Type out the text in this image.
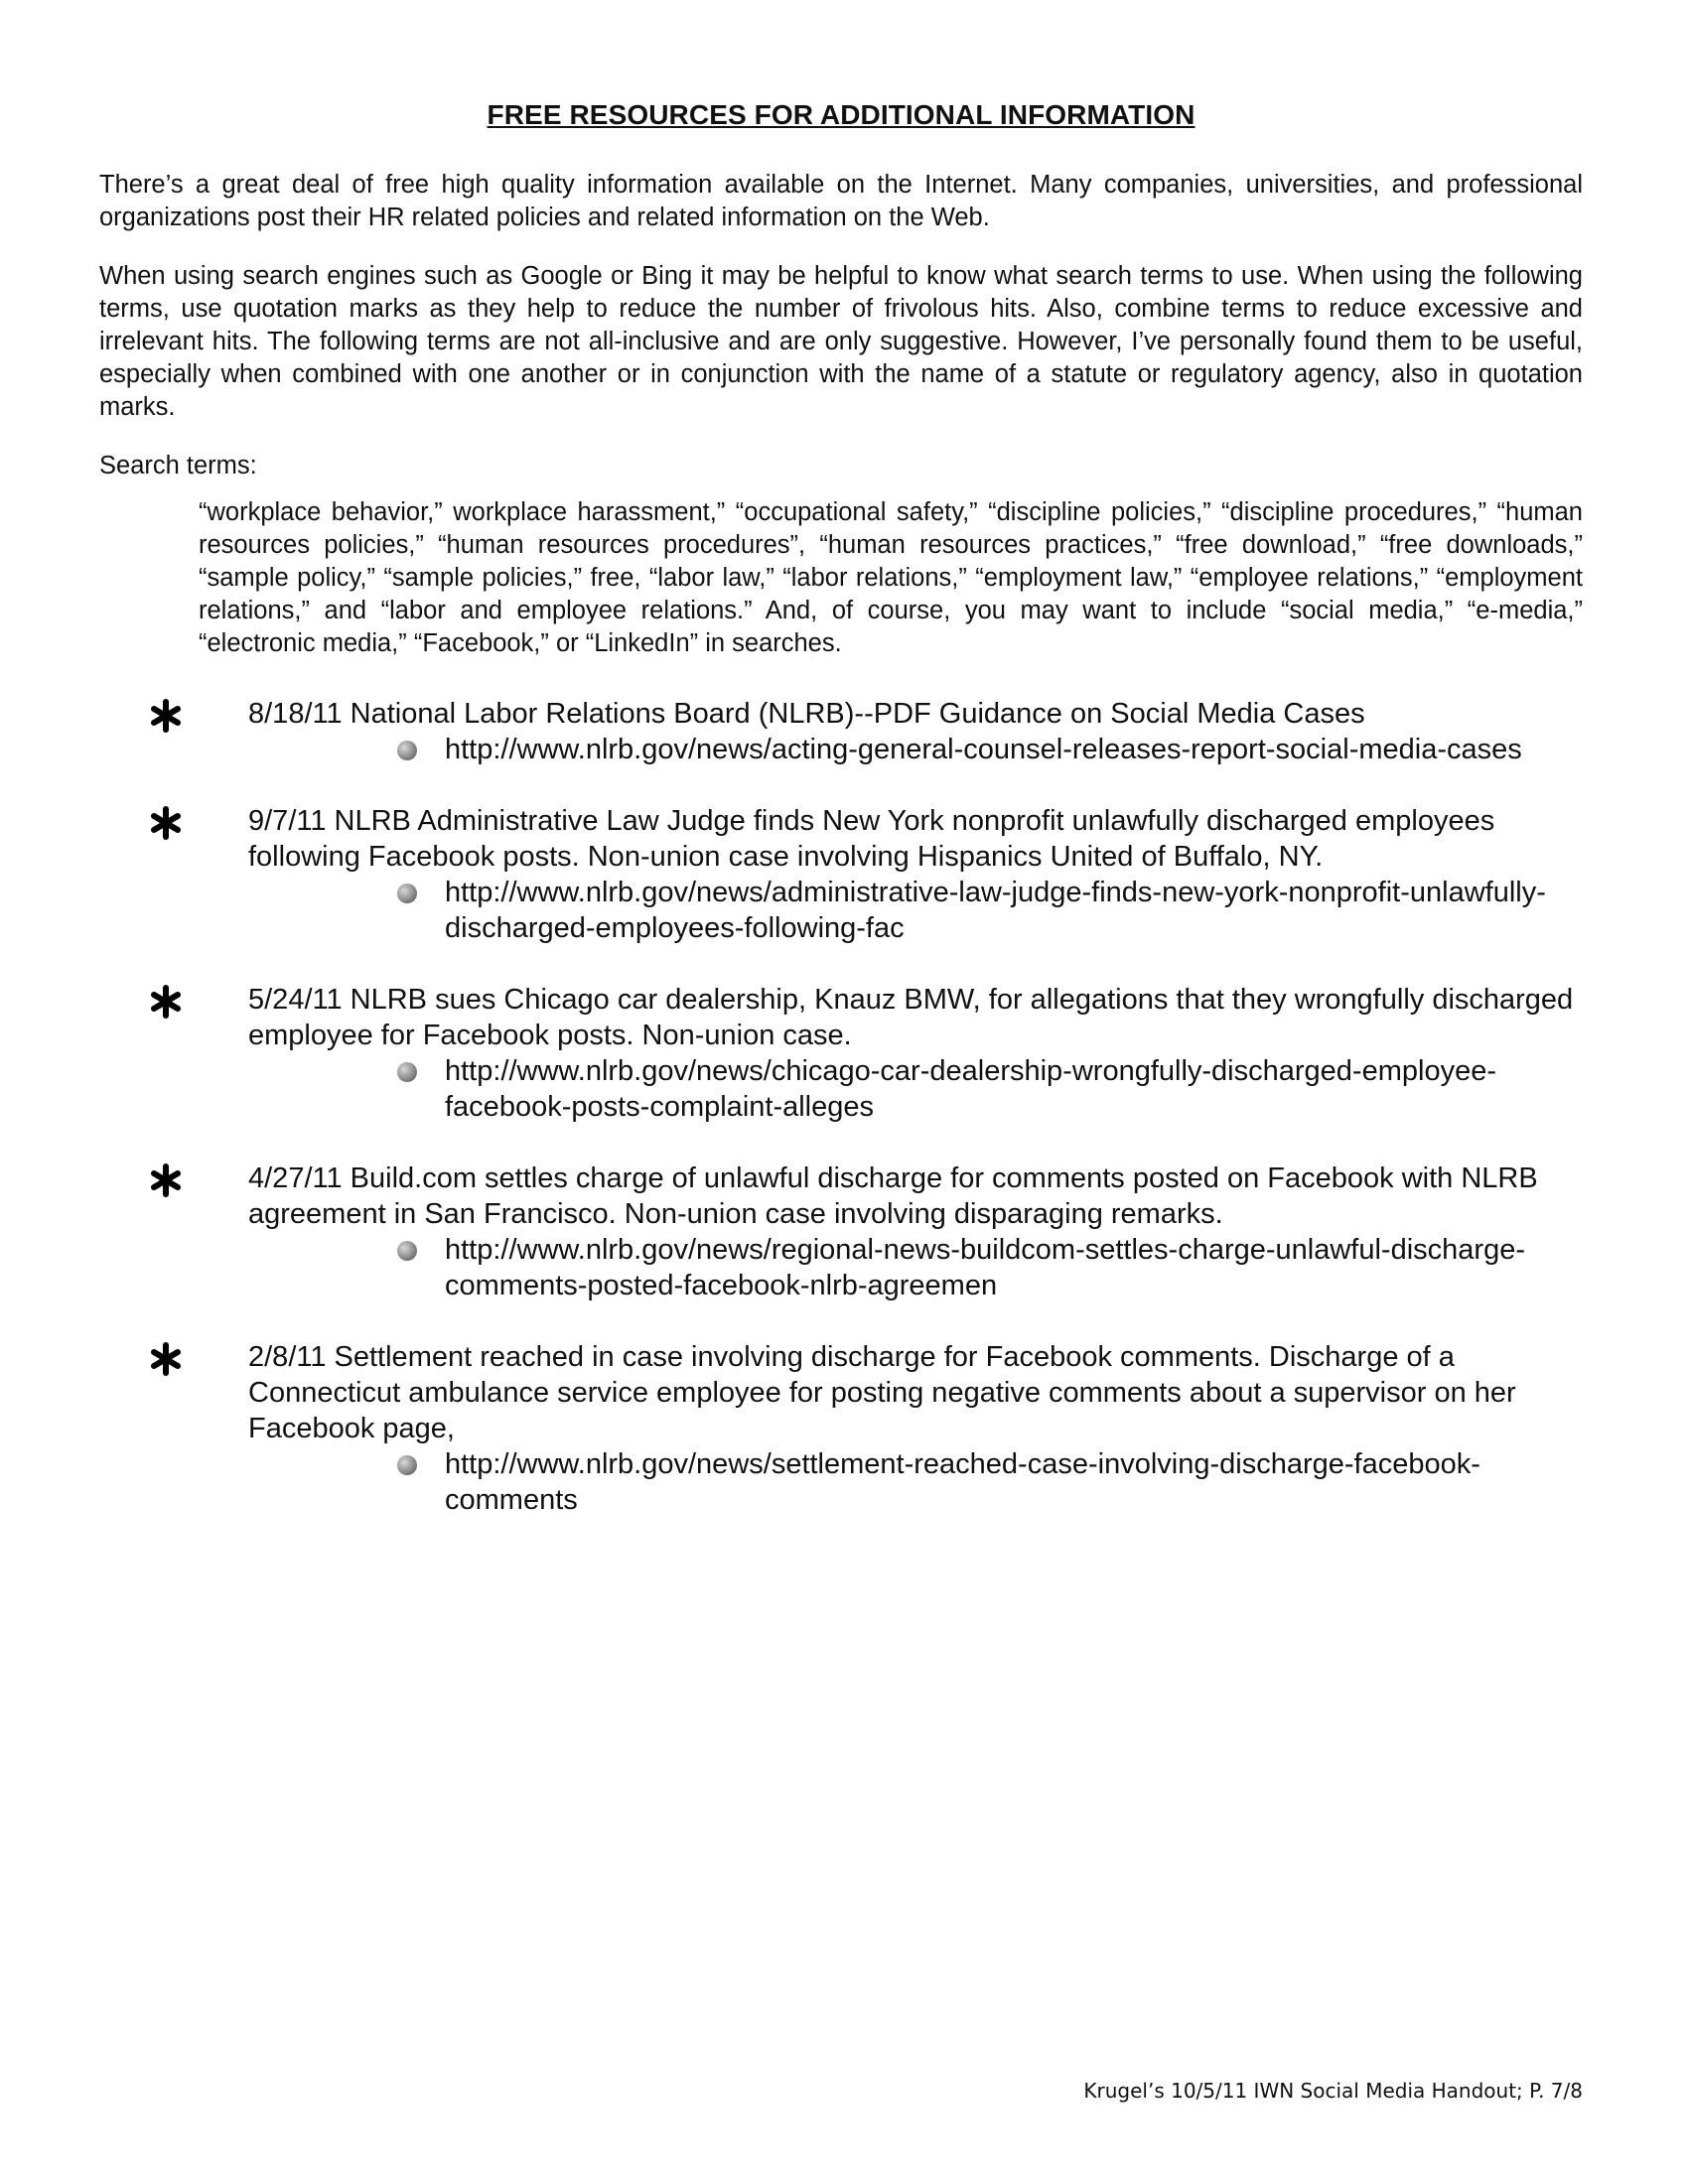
FREE RESOURCES FOR ADDITIONAL INFORMATION

There’s a great deal of free high quality information available on the Internet. Many companies, universities, and professional organizations post their HR related policies and related information on the Web.

When using search engines such as Google or Bing it may be helpful to know what search terms to use. When using the following terms, use quotation marks as they help to reduce the number of frivolous hits. Also, combine terms to reduce excessive and irrelevant hits. The following terms are not all-inclusive and are only suggestive. However, I’ve personally found them to be useful, especially when combined with one another or in conjunction with the name of a statute or regulatory agency, also in quotation marks.

Search terms:

“workplace behavior,” workplace harassment,” “occupational safety,” “discipline policies,” “discipline procedures,” “human resources policies,” “human resources procedures”, “human resources practices,” “free download,” “free downloads,” “sample policy,” “sample policies,” free, “labor law,” “labor relations,” “employment law,” “employee relations,” “employment relations,” and “labor and employee relations.” And, of course, you may want to include “social media,” “e-media,” “electronic media,” “Facebook,” or “LinkedIn” in searches.

8/18/11 National Labor Relations Board (NLRB)--PDF Guidance on Social Media Cases
http://www.nlrb.gov/news/acting-general-counsel-releases-report-social-media-cases
9/7/11 NLRB Administrative Law Judge finds New York nonprofit unlawfully discharged employees following Facebook posts. Non-union case involving Hispanics United of Buffalo, NY.
http://www.nlrb.gov/news/administrative-law-judge-finds-new-york-nonprofit-unlawfully-discharged-employees-following-fac
5/24/11 NLRB sues Chicago car dealership, Knauz BMW, for allegations that they wrongfully discharged employee for Facebook posts. Non-union case.
http://www.nlrb.gov/news/chicago-car-dealership-wrongfully-discharged-employee-facebook-posts-complaint-alleges
4/27/11 Build.com settles charge of unlawful discharge for comments posted on Facebook with NLRB agreement in San Francisco. Non-union case involving disparaging remarks.
http://www.nlrb.gov/news/regional-news-buildcom-settles-charge-unlawful-discharge-comments-posted-facebook-nlrb-agreemen
2/8/11 Settlement reached in case involving discharge for Facebook comments. Discharge of a Connecticut ambulance service employee for posting negative comments about a supervisor on her Facebook page,
http://www.nlrb.gov/news/settlement-reached-case-involving-discharge-facebook-comments
Krugel’s 10/5/11 IWN Social Media Handout; P. 7/8
